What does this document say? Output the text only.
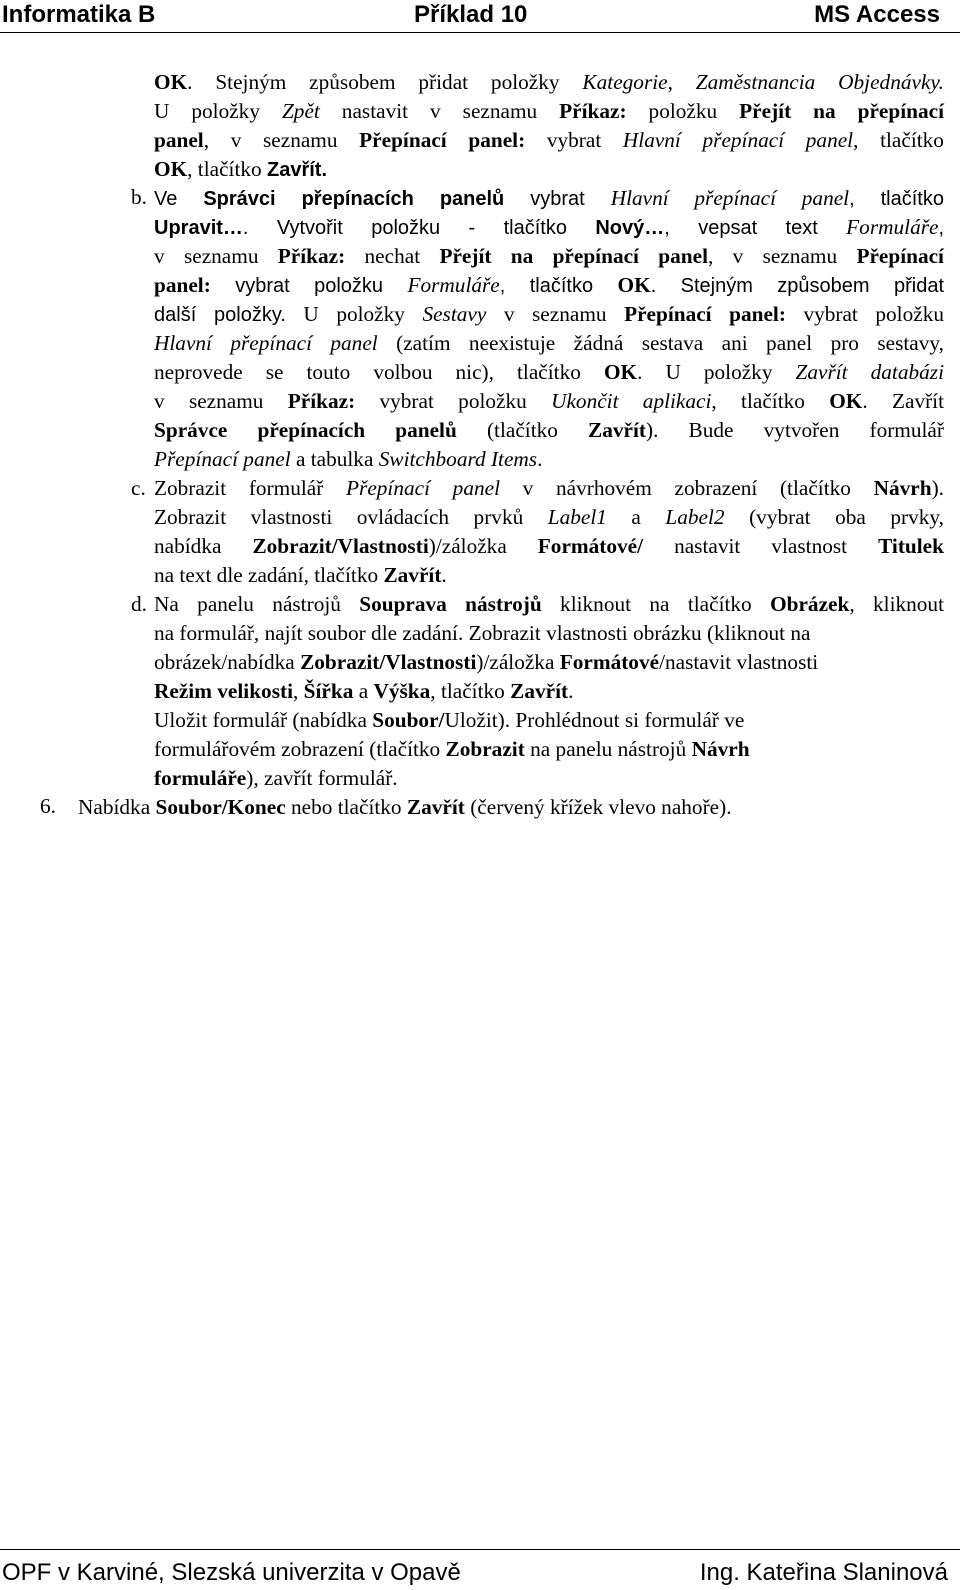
Informatika B	Příklad 10	MS Access
b.
c.
d.
6.
OK. Stejným způsobem přidat položky Kategorie, Zaměstnancia Objednávky.
U položky Zpět nastavit v seznamu Příkaz: položku Přejít na přepínací
panel, v seznamu Přepínací panel: vybrat Hlavní přepínací panel, tlačítko
OK, tlačítko Zavřít.
Ve Správci přepínacích panelů vybrat Hlavní přepínací panel, tlačítko
Upravit…. Vytvořit položku - tlačítko Nový…, vepsat text Formuláře,
v seznamu Příkaz: nechat Přejít na přepínací panel, v seznamu Přepínací
panel: vybrat položku Formuláře, tlačítko OK. Stejným způsobem přidat
další položky. U položky Sestavy v seznamu Přepínací panel: vybrat položku
Hlavní přepínací panel (zatím neexistuje žádná sestava ani panel pro sestavy,
neprovede se touto volbou nic), tlačítko OK. U položky Zavřít databázi
v seznamu Příkaz: vybrat položku Ukončit aplikaci, tlačítko OK. Zavřít
Správce přepínacích panelů (tlačítko Zavřít). Bude vytvořen formulář
Přepínací panel a tabulka Switchboard Items.
Zobrazit formulář Přepínací panel v návrhovém zobrazení (tlačítko Návrh).
Zobrazit vlastnosti ovládacích prvků Label1 a Label2 (vybrat oba prvky,
nabídka Zobrazit/Vlastnosti)/záložka Formátové/ nastavit vlastnost Titulek
na text dle zadání, tlačítko Zavřít.
Na panelu nástrojů Souprava nástrojů kliknout na tlačítko Obrázek, kliknout
na formulář, najít soubor dle zadání. Zobrazit vlastnosti obrázku (kliknout na
obrázek/nabídka Zobrazit/Vlastnosti)/záložka Formátové/nastavit vlastnosti
Režim velikosti, Šířka a Výška, tlačítko Zavřít.
Uložit formulář (nabídka Soubor/Uložit). Prohlédnout si formulář ve
formulářovém zobrazení (tlačítko Zobrazit na panelu nástrojů Návrh
formuláře), zavřít formulář.
Nabídka Soubor/Konec nebo tlačítko Zavřít (červený křížek vlevo nahoře).
OPF v Karviné, Slezská univerzita v Opavě	Ing. Kateřina Slaninová
